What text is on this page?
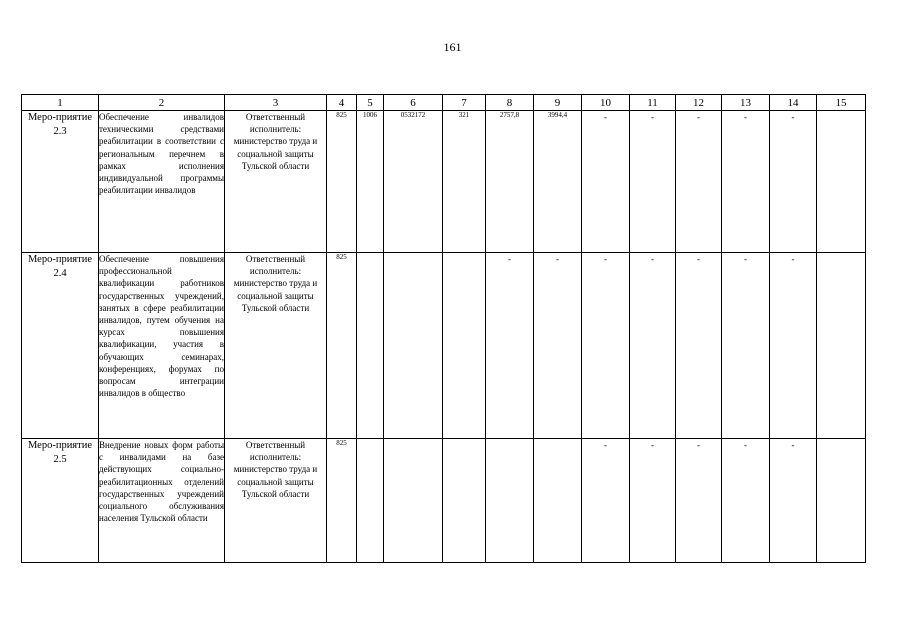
161
1	2	3	4	5	6	7	8	9	10	11	12	13	14	15
Меро-приятие 2.3	Обеспечение инвалидов техническими средствами реабилитации в соответствии с региональным перечнем в рамках исполнения индивидуальной программы реабилитации инвалидов	Ответственный исполнитель: министерство труда и социальной защиты Тульской области	825	1006	0532172	321	2757,8	3994,4	-	-	-	-	-	
Меро-приятие 2.4	Обеспечение повышения профессиональной квалификации работников государственных учреждений, занятых в сфере реабилитации инвалидов, путем обучения на курсах повышения квалификации, участия в обучающих семинарах, конференциях, форумах по вопросам интеграции инвалидов в общество	Ответственный исполнитель: министерство труда и социальной защиты Тульской области	825				-	-	-	-	-	-	-	
Меро-приятие 2.5	Внедрение новых форм работы с инвалидами на базе действующих социально-реабилитационных отделений государственных учреждений социального обслуживания населения Тульской области	Ответственный исполнитель: министерство труда и социальной защиты Тульской области	825						-	-	-	-	-	
